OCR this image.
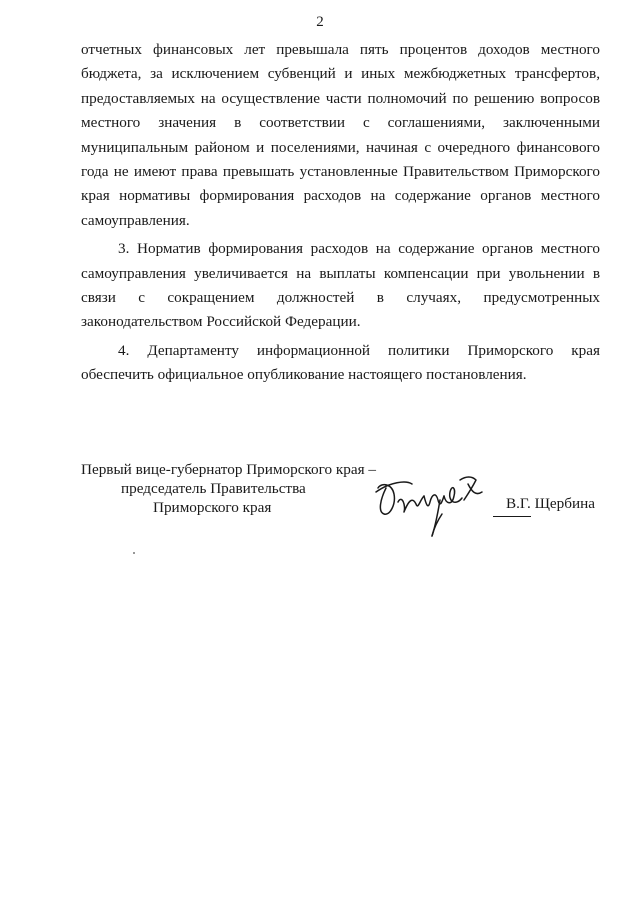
2

отчетных финансовых лет превышала пять процентов доходов местного бюджета, за исключением субвенций и иных межбюджетных трансфертов, предоставляемых на осуществление части полномочий по решению вопросов местного значения в соответствии с соглашениями, заключенными муниципальным районом и поселениями, начиная с очередного финансового года не имеют права превышать установленные Правительством Приморского края нормативы формирования расходов на содержание органов местного самоуправления.

3. Норматив формирования расходов на содержание органов местного самоуправления увеличивается на выплаты компенсации при увольнении в связи с сокращением должностей в случаях, предусмотренных законодательством Российской Федерации.

4. Департаменту информационной политики Приморского края обеспечить официальное опубликование настоящего постановления.

Первый вице-губернатор Приморского края –
председатель Правительства
Приморского края	В.Г. Щербина
